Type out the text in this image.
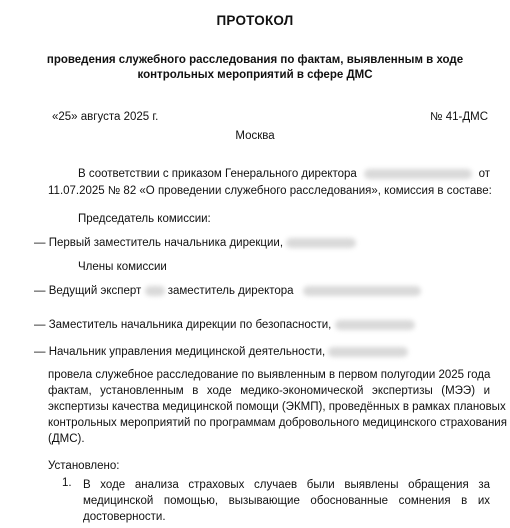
ПРОТОКОЛ
проведения служебного расследования по фактам, выявленным в ходе
контрольных мероприятий в сфере ДМС
«25» августа 2025 г.	№ 41-ДМС
Москва
В соответствии с приказом Генерального директора	от
11.07.2025 № 82 «О проведении служебного расследования», комиссия в составе:
Председатель комиссии:
— Первый заместитель начальника дирекции,
Члены комиссии
— Ведущий эксперт заместитель директора
— Заместитель начальника дирекции по безопасности,
— Начальник управления медицинской деятельности,
провела служебное расследование по выявленным в первом полугодии 2025 года
фактам, установленным в ходе медико-экономической экспертизы (МЭЭ) и
экспертизы качества медицинской помощи (ЭКМП), проведённых в рамках плановых
контрольных мероприятий по программам добровольного медицинского страхования
(ДМС).
Установлено:
1. В ходе анализа страховых случаев были выявлены обращения за
медицинской помощью, вызывающие обоснованные сомнения в их
достоверности.
